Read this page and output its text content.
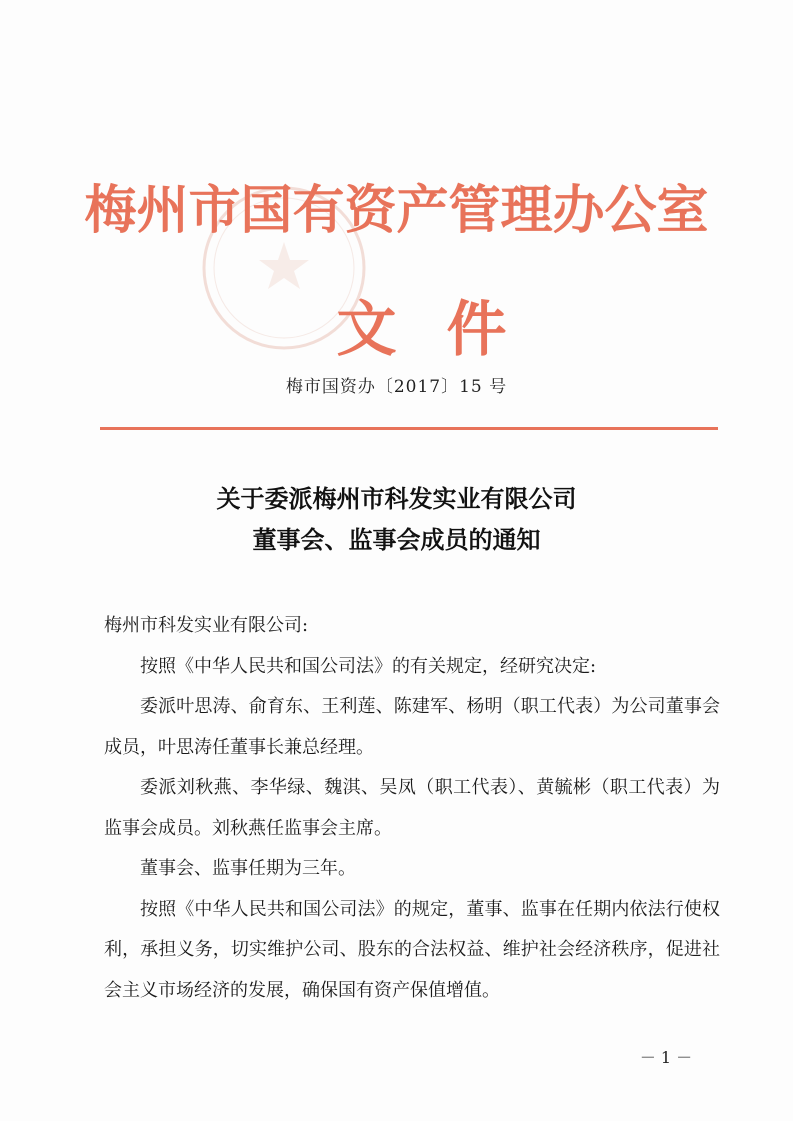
梅州市国有资产管理办公室
文件
梅市国资办〔2017〕15 号
关于委派梅州市科发实业有限公司
董事会、监事会成员的通知

梅州市科发实业有限公司:

按照《中华人民共和国公司法》的有关规定，经研究决定:

委派叶思涛、俞育东、王利莲、陈建军、杨明（职工代表）为公司董事会成员，叶思涛任董事长兼总经理。

委派刘秋燕、李华绿、魏淇、吴凤（职工代表）、黄毓彬（职工代表）为监事会成员。刘秋燕任监事会主席。

董事会、监事任期为三年。

按照《中华人民共和国公司法》的规定，董事、监事在任期内依法行使权利，承担义务，切实维护公司、股东的合法权益、维护社会经济秩序，促进社会主义市场经济的发展，确保国有资产保值增值。

－ 1 －
